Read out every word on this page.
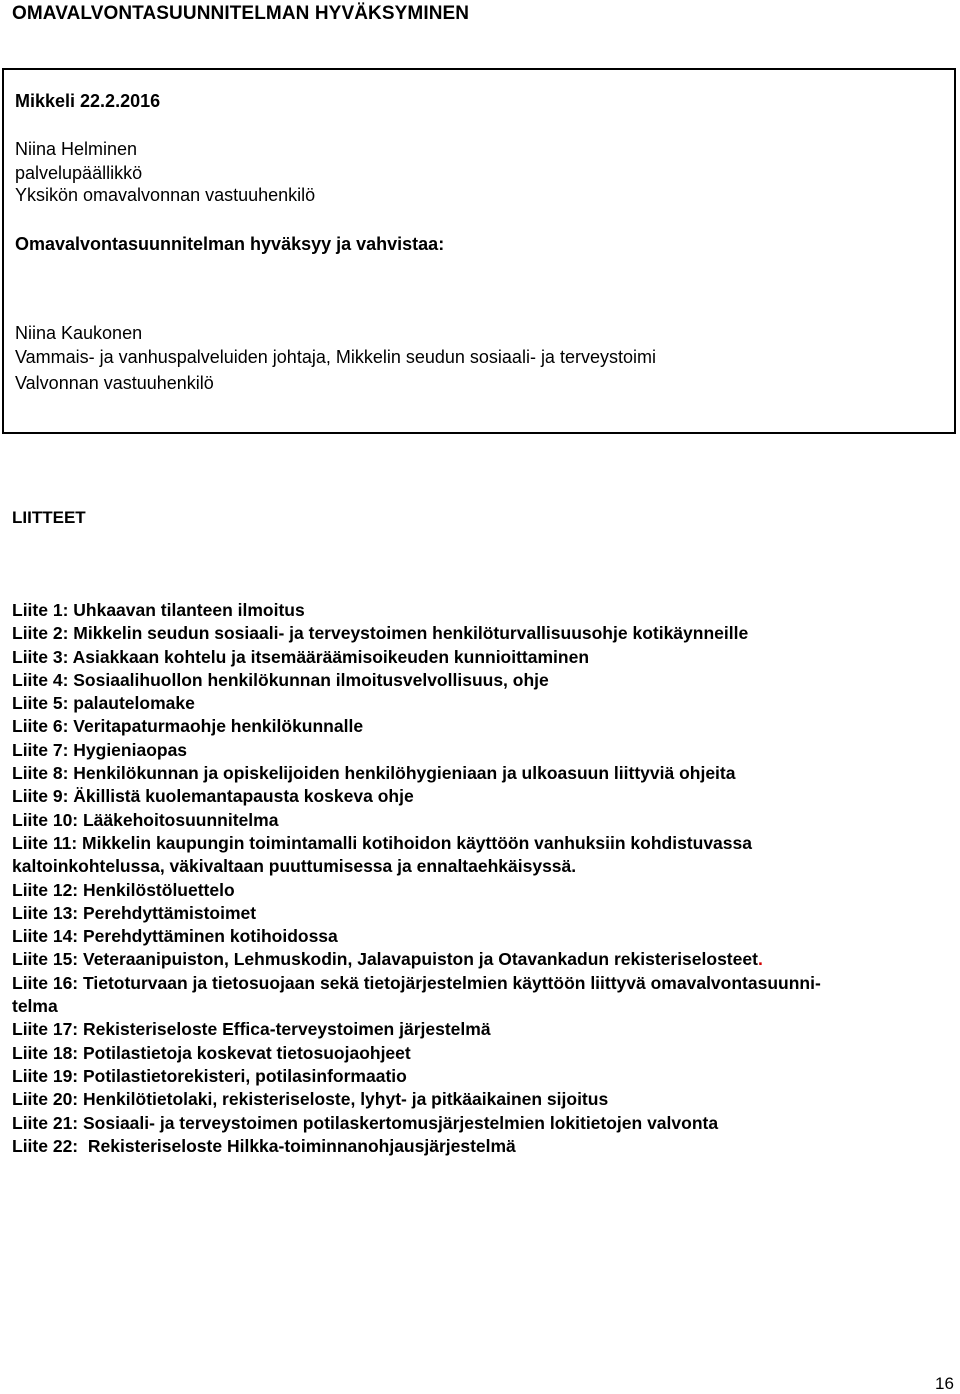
OMAVALVONTASUUNNITELMAN HYVÄKSYMINEN
Mikkeli 22.2.2016
Niina Helminen
palvelupäällikkö
Yksikön omavalvonnan vastuuhenkilö
Omavalvontasuunnitelman hyväksyy ja vahvistaa:
Niina Kaukonen
Vammais- ja vanhuspalveluiden johtaja, Mikkelin seudun sosiaali- ja terveystoimi
Valvonnan vastuuhenkilö
LIITTEET
Liite 1: Uhkaavan tilanteen ilmoitus
Liite 2: Mikkelin seudun sosiaali- ja terveystoimen henkilöturvallisuusohje kotikäynneille
Liite 3: Asiakkaan kohtelu ja itsemääräämisoikeuden kunnioittaminen
Liite 4: Sosiaalihuollon henkilökunnan ilmoitusvelvollisuus, ohje
Liite 5: palautelomake
Liite 6: Veritapaturmaohje henkilökunnalle
Liite 7: Hygieniaopas
Liite 8: Henkilökunnan ja opiskelijoiden henkilöhygieniaan ja ulkoasuun liittyviä ohjeita
Liite 9: Äkillistä kuolemantapausta koskeva ohje
Liite 10: Lääkehoitosuunnitelma
Liite 11: Mikkelin kaupungin toimintamalli kotihoidon käyttöön vanhuksiin kohdistuvassa
kaltoinkohtelussa, väkivaltaan puuttumisessa ja ennaltaehkäisyssä.
Liite 12: Henkilöstöluettelo
Liite 13: Perehdyttämistoimet
Liite 14: Perehdyttäminen kotihoidossa
Liite 15: Veteraanipuiston, Lehmuskodin, Jalavapuiston ja Otavankadun rekisteriselosteet.
Liite 16: Tietoturvaan ja tietosuojaan sekä tietojärjestelmien käyttöön liittyvä omavalvontasuunni-
telma
Liite 17: Rekisteriseloste Effica-terveystoimen järjestelmä
Liite 18: Potilastietoja koskevat tietosuojaohjeet
Liite 19: Potilastietorekisteri, potilasinformaatio
Liite 20: Henkilötietolaki, rekisteriseloste, lyhyt- ja pitkäaikainen sijoitus
Liite 21: Sosiaali- ja terveystoimen potilaskertomusjärjestelmien lokitietojen valvonta
Liite 22:  Rekisteriseloste Hilkka-toiminnanohjausjärjestelmä
16
